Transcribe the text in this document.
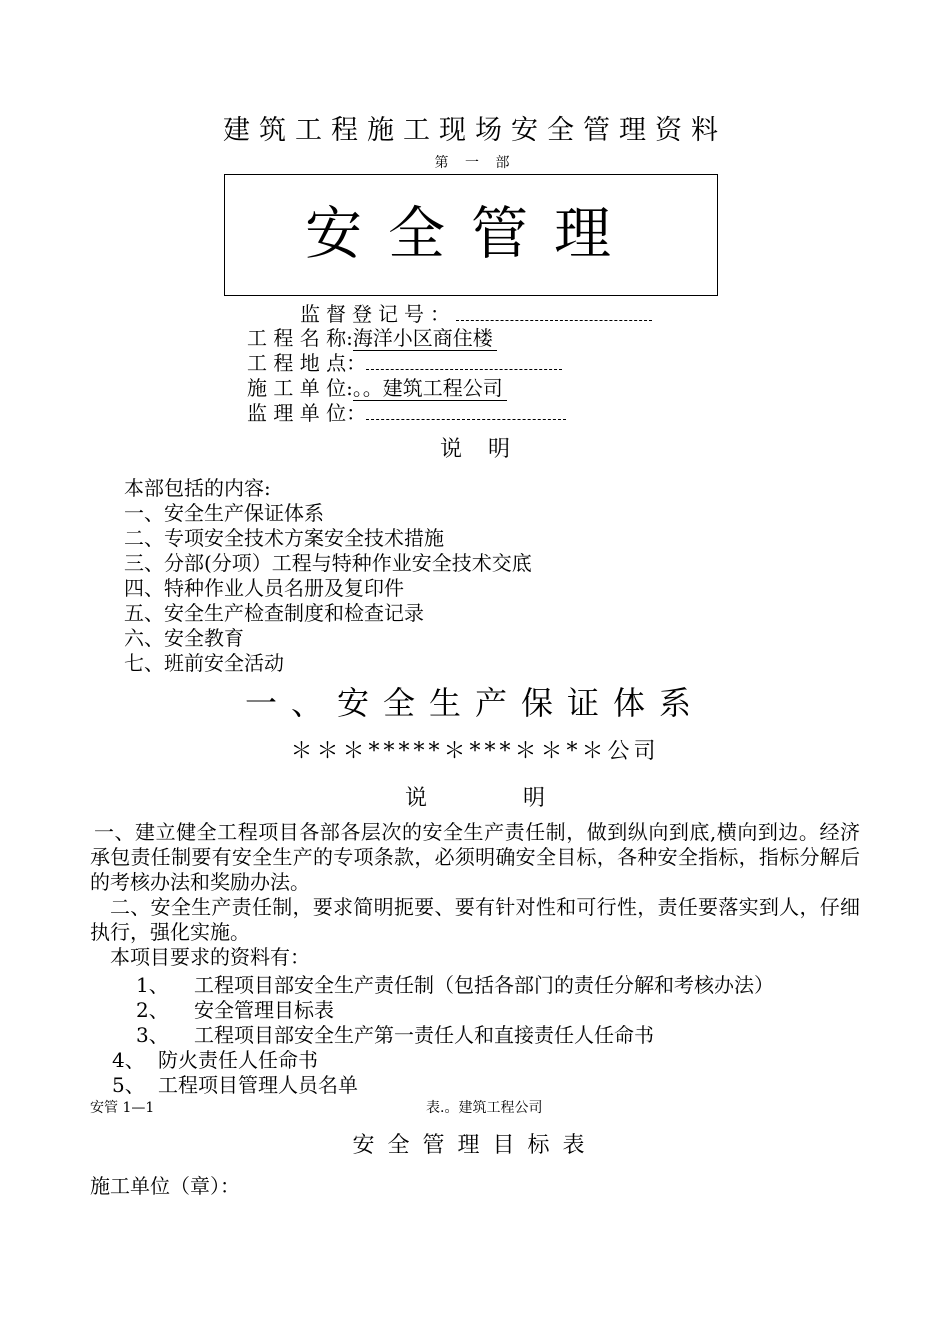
建筑工程施工现场安全管理资料
第 一 部
安全管理
监督登记号：
工 程 名 称:海洋小区商住楼
工 程 地 点：
施 工 单 位:。。建筑工程公司
监 理 单 位：
说明
本部包括的内容:
一、安全生产保证体系
二、专项安全技术方案安全技术措施
三、分部(分项）工程与特种作业安全技术交底
四、特种作业人员名册及复印件
五、安全生产检查制度和检查记录
六、安全教育
七、班前安全活动
一、安全生产保证体系
＊＊＊*****＊***＊＊*＊公司
说明

一、建立健全工程项目各部各层次的安全生产责任制，做到纵向到底,横向到边。经济承包责任制要有安全生产的专项条款，必须明确安全目标，各种安全指标，指标分解后的考核办法和奖励办法。

二、安全生产责任制，要求简明扼要、要有针对性和可行性，责任要落实到人，仔细执行，强化实施。

本项目要求的资料有：

1、 工程项目部安全生产责任制（包括各部门的责任分解和考核办法）
2、 安全管理目标表
3、 工程项目部安全生产第一责任人和直接责任人任命书
4、 防火责任人任命书
5、 工程项目管理人员名单
安管 1—1	表.。建筑工程公司
安全管理目标表
施工单位（章）：
